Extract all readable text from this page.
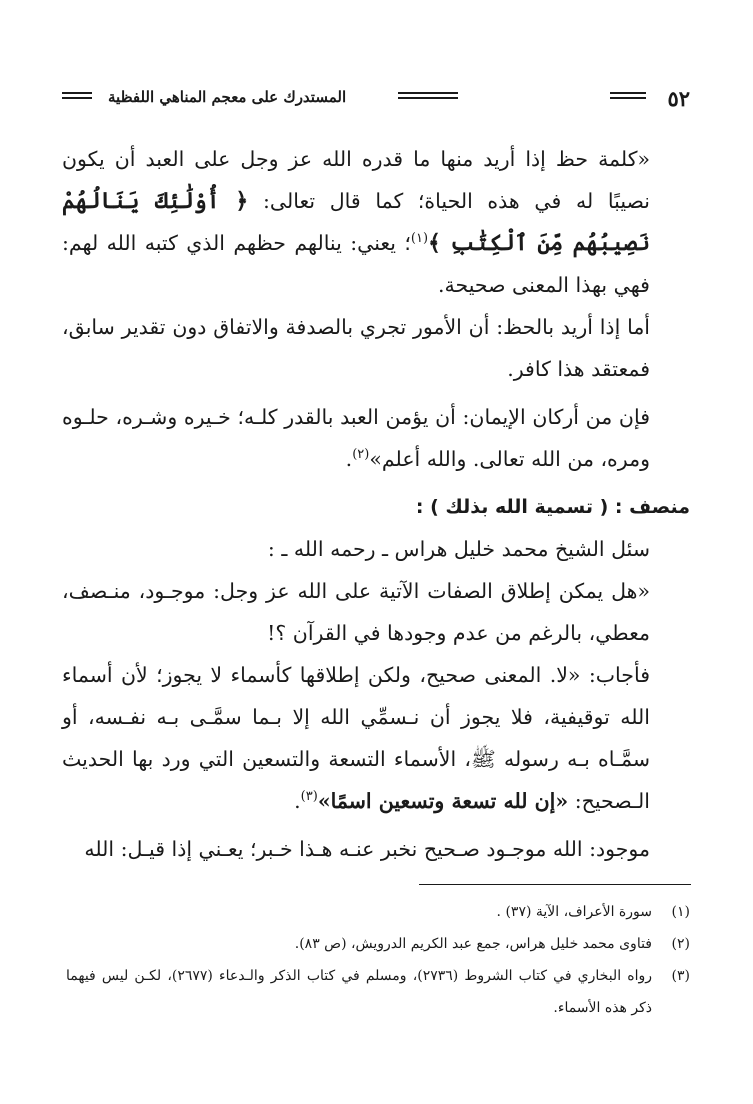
٥٢
المستدرك على معجم المناهي اللفظية

«كلمة حظ إذا أريد منها ما قدره الله عز وجل على العبد أن يكون نصيبًا له في هذه الحياة؛ كما قال تعالى: ﴿ أُوْلَٰئِكَ يَنَالُهُمْ نَصِيبُهُم مِّنَ ٱلْكِتَٰبِ ﴾$^{(١)}$؛ يعني: ينالهم حظهم الذي كتبه الله لهم: فهي بهذا المعنى صحيحة.

أما إذا أريد بالحظ: أن الأمور تجري بالصدفة والاتفاق دون تقدير سابق، فمعتقد هذا كافر.

فإن من أركان الإيمان: أن يؤمن العبد بالقدر كلـه؛ خـيره وشـره، حلـوه ومره، من الله تعالى. والله أعلم»$^{(٢)}$.

منصف : ( تسمية الله بذلك ) :

سئل الشيخ محمد خليل هراس ـ رحمه الله ـ :

«هل يمكن إطلاق الصفات الآتية على الله عز وجل: موجـود، منـصف، معطي، بالرغم من عدم وجودها في القرآن ؟!

فأجاب: «لا. المعنى صحيح، ولكن إطلاقها كأسماء لا يجوز؛ لأن أسماء الله توقيفية، فلا يجوز أن نـسمِّي الله إلا بـما سمَّـى بـه نفـسه، أو سمَّـاه بـه رسوله ﷺ، الأسماء التسعة والتسعين التي ورد بها الحديث الـصحيح: «إن لله تسعة وتسعين اسمًا»$^{(٣)}$.

موجود: الله موجـود صـحيح نخبر عنـه هـذا خـبر؛ يعـني إذا قيـل: الله

(١)
سورة الأعراف، الآية (٣٧) .
(٢)
فتاوى محمد خليل هراس، جمع عبد الكريم الدرويش، (ص ٨٣).
(٣)
رواه البخاري في كتاب الشروط (٢٧٣٦)، ومسلم في كتاب الذكر والـدعاء (٢٦٧٧)، لكـن ليس فيهما ذكر هذه الأسماء.
